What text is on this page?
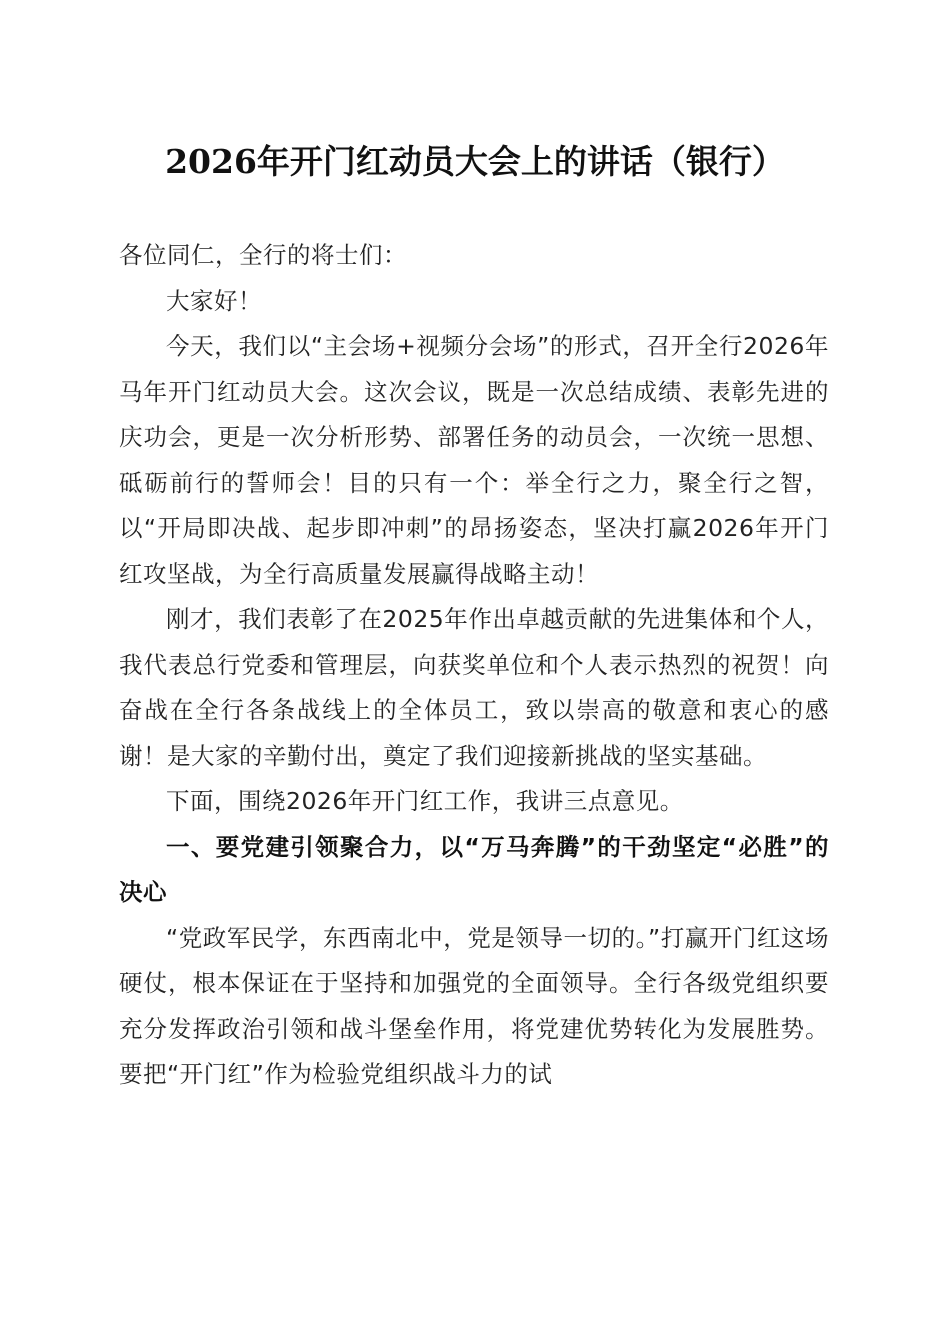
2026年开门红动员大会上的讲话（银行）

各位同仁，全行的将士们：

大家好！

今天，我们以“主会场+视频分会场”的形式，召开全行2026年马年开门红动员大会。这次会议，既是一次总结成绩、表彰先进的庆功会，更是一次分析形势、部署任务的动员会，一次统一思想、砥砺前行的誓师会！目的只有一个：举全行之力，聚全行之智，以“开局即决战、起步即冲刺”的昂扬姿态，坚决打赢2026年开门红攻坚战，为全行高质量发展赢得战略主动！

刚才，我们表彰了在2025年作出卓越贡献的先进集体和个人，我代表总行党委和管理层，向获奖单位和个人表示热烈的祝贺！向奋战在全行各条战线上的全体员工，致以崇高的敬意和衷心的感谢！是大家的辛勤付出，奠定了我们迎接新挑战的坚实基础。

下面，围绕2026年开门红工作，我讲三点意见。

一、要党建引领聚合力，以“万马奔腾”的干劲坚定“必胜”的决心

“党政军民学，东西南北中，党是领导一切的。”打赢开门红这场硬仗，根本保证在于坚持和加强党的全面领导。全行各级党组织要充分发挥政治引领和战斗堡垒作用，将党建优势转化为发展胜势。要把“开门红”作为检验党组织战斗力的试
